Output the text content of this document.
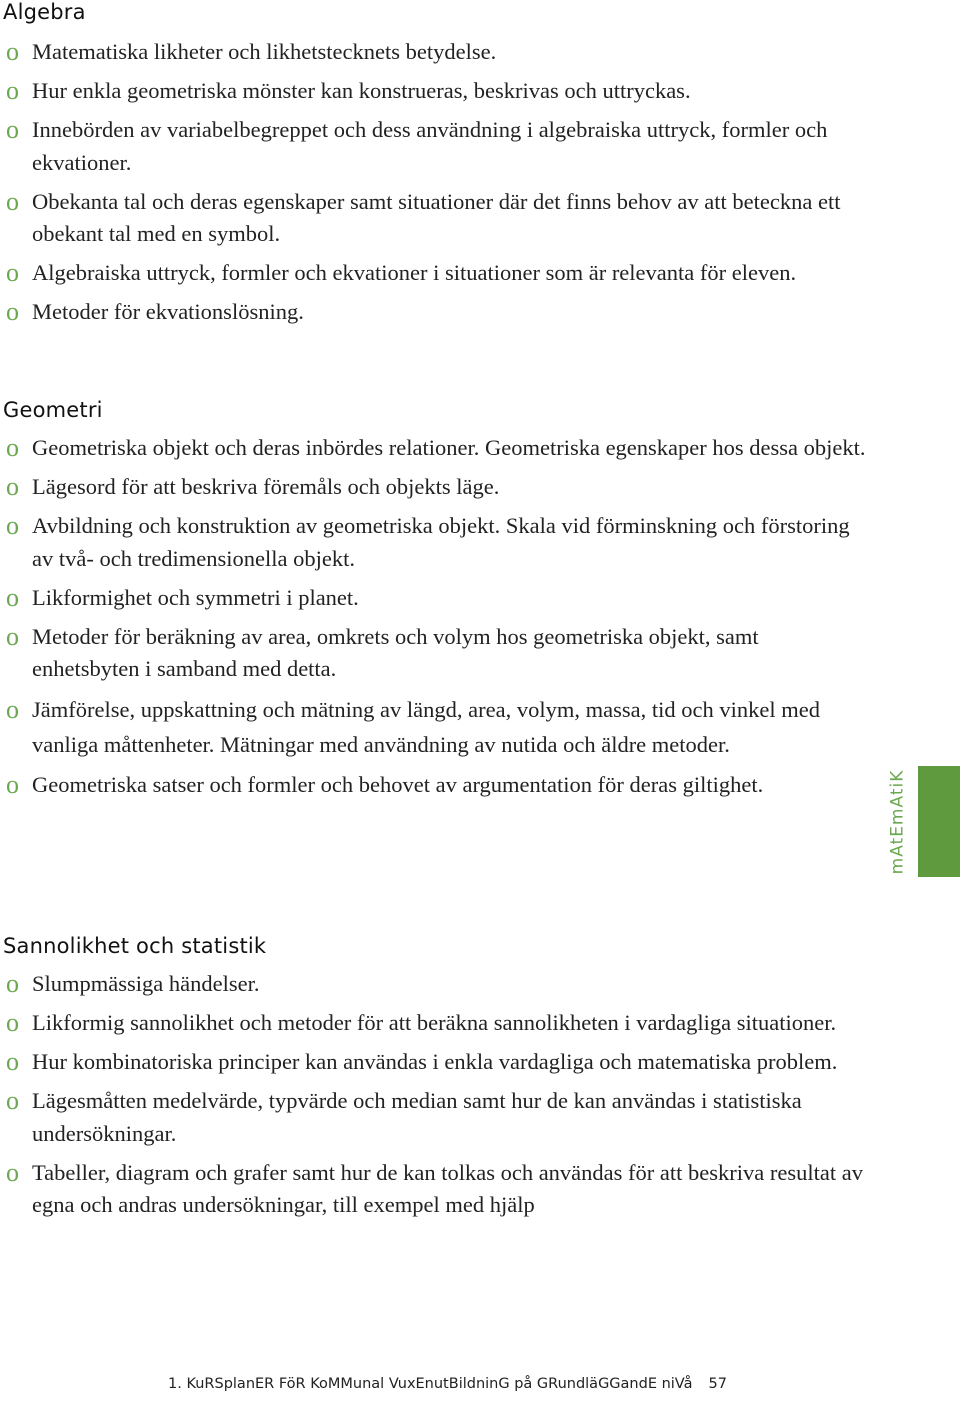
Algebra
o Matematiska likheter och likhetstecknets betydelse.
o Hur enkla geometriska mönster kan konstrueras, beskrivas och uttryckas.
o Innebörden av variabelbegreppet och dess användning i algebraiska uttryck, formler och ekvationer.
o Obekanta tal och deras egenskaper samt situationer där det finns behov av att beteckna ett obekant tal med en symbol.
o Algebraiska uttryck, formler och ekvationer i situationer som är relevanta för eleven.
o Metoder för ekvationslösning.
Geometri
o Geometriska objekt och deras inbördes relationer. Geometriska egenskaper hos dessa objekt.
o Lägesord för att beskriva föremåls och objekts läge.
o Avbildning och konstruktion av geometriska objekt. Skala vid förminskning och förstoring av två- och tredimensionella objekt.
o Likformighet och symmetri i planet.
o Metoder för beräkning av area, omkrets och volym hos geometriska objekt, samt enhetsbyten i samband med detta.
o Jämförelse, uppskattning och mätning av längd, area, volym, massa, tid och vinkel med vanliga måttenheter. Mätningar med användning av nutida och äldre metoder.
o Geometriska satser och formler och behovet av argumentation för deras giltighet.
Sannolikhet och statistik
o Slumpmässiga händelser.
o Likformig sannolikhet och metoder för att beräkna sannolikheten i vardagliga situationer.
o Hur kombinatoriska principer kan användas i enkla vardagliga och matematiska problem.
o Lägesmåtten medelvärde, typvärde och median samt hur de kan användas i statistiska undersökningar.
o Tabeller, diagram och grafer samt hur de kan tolkas och användas för att beskriva resultat av egna och andras undersökningar, till exempel med hjälp
mAtEmAtiK
1. KuRSplanER FöR KoMMunal VuxEnutBildninG på GRundläGGandE niVå 57
